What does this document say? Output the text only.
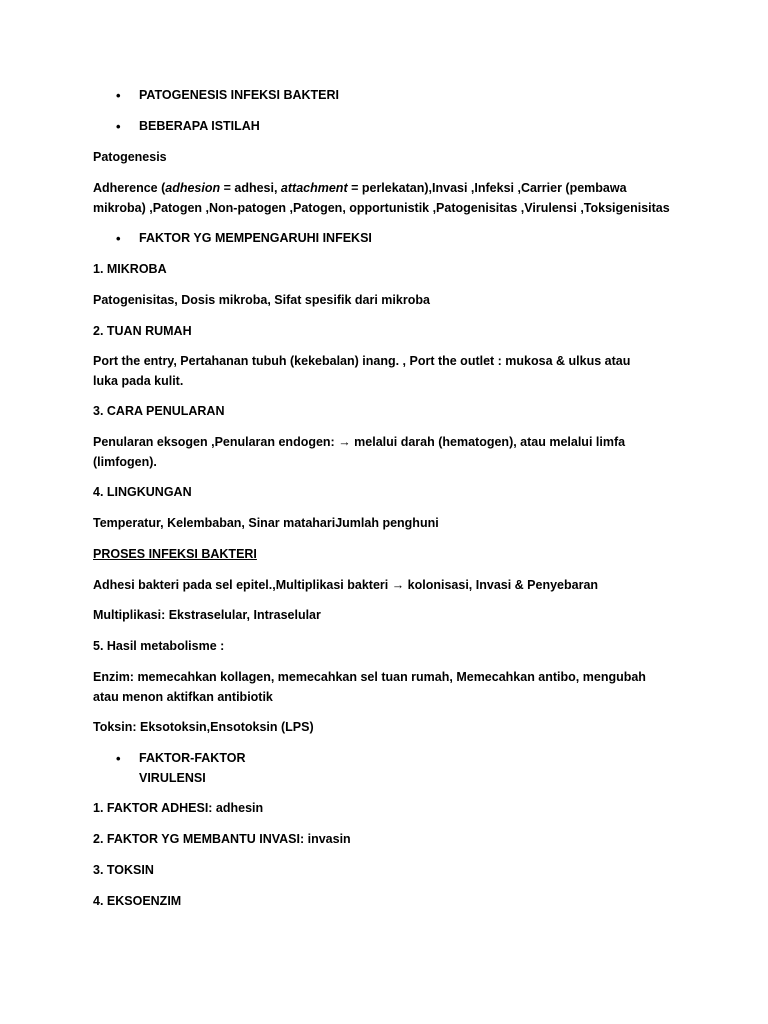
• PATOGENESIS INFEKSI BAKTERI
• BEBERAPA ISTILAH
Patogenesis
Adherence (adhesion = adhesi, attachment = perlekatan),Invasi ,Infeksi ,Carrier (pembawa
mikroba) ,Patogen ,Non-patogen ,Patogen, opportunistik ,Patogenisitas ,Virulensi ,Toksigenisitas
• FAKTOR YG MEMPENGARUHI INFEKSI
1. MIKROBA
Patogenisitas, Dosis mikroba, Sifat spesifik dari mikroba
2. TUAN RUMAH
Port the entry, Pertahanan tubuh (kekebalan) inang. , Port the outlet : mukosa & ulkus atau
luka pada kulit.
3. CARA PENULARAN
Penularan eksogen ,Penularan endogen: → melalui darah (hematogen), atau melalui limfa
(limfogen).
4. LINGKUNGAN
Temperatur, Kelembaban, Sinar matahariJumlah penghuni
PROSES INFEKSI BAKTERI
Adhesi bakteri pada sel epitel.,Multiplikasi bakteri → kolonisasi, Invasi & Penyebaran
Multiplikasi: Ekstraselular, Intraselular
5. Hasil metabolisme :
Enzim: memecahkan kollagen, memecahkan sel tuan rumah, Memecahkan antibo, mengubah
atau menon aktifkan antibiotik
Toksin: Eksotoksin,Ensotoksin (LPS)
• FAKTOR-FAKTOR
VIRULENSI
1. FAKTOR ADHESI: adhesin
2. FAKTOR YG MEMBANTU INVASI: invasin
3. TOKSIN
4. EKSOENZIM
